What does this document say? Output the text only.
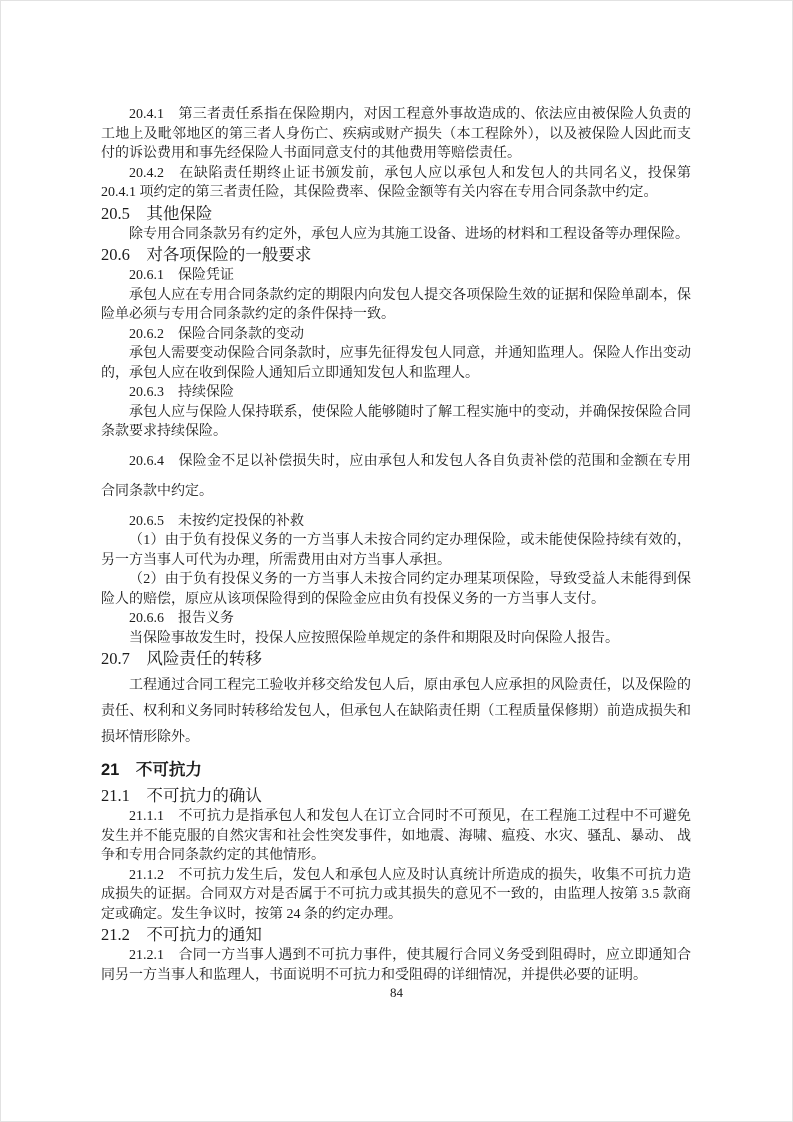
20.4.1　第三者责任系指在保险期内，对因工程意外事故造成的、依法应由被保险人负责的工地上及毗邻地区的第三者人身伤亡、疾病或财产损失（本工程除外），以及被保险人因此而支付的诉讼费用和事先经保险人书面同意支付的其他费用等赔偿责任。

20.4.2　在缺陷责任期终止证书颁发前，承包人应以承包人和发包人的共同名义，投保第 20.4.1 项约定的第三者责任险，其保险费率、保险金额等有关内容在专用合同条款中约定。

20.5　其他保险

除专用合同条款另有约定外，承包人应为其施工设备、进场的材料和工程设备等办理保险。

20.6　对各项保险的一般要求
20.6.1　保险凭证

承包人应在专用合同条款约定的期限内向发包人提交各项保险生效的证据和保险单副本，保险单必须与专用合同条款约定的条件保持一致。

20.6.2　保险合同条款的变动

承包人需要变动保险合同条款时，应事先征得发包人同意，并通知监理人。保险人作出变动的，承包人应在收到保险人通知后立即通知发包人和监理人。

20.6.3　持续保险

承包人应与保险人保持联系，使保险人能够随时了解工程实施中的变动，并确保按保险合同条款要求持续保险。

20.6.4　保险金不足以补偿损失时，应由承包人和发包人各自负责补偿的范围和金额在专用合同条款中约定。

20.6.5　未按约定投保的补救

（1）由于负有投保义务的一方当事人未按合同约定办理保险，或未能使保险持续有效的，另一方当事人可代为办理，所需费用由对方当事人承担。

（2）由于负有投保义务的一方当事人未按合同约定办理某项保险，导致受益人未能得到保险人的赔偿，原应从该项保险得到的保险金应由负有投保义务的一方当事人支付。

20.6.6　报告义务

当保险事故发生时，投保人应按照保险单规定的条件和期限及时向保险人报告。

20.7　风险责任的转移

工程通过合同工程完工验收并移交给发包人后，原由承包人应承担的风险责任，以及保险的责任、权利和义务同时转移给发包人，但承包人在缺陷责任期（工程质量保修期）前造成损失和损坏情形除外。

21　不可抗力
21.1　不可抗力的确认

21.1.1　不可抗力是指承包人和发包人在订立合同时不可预见，在工程施工过程中不可避免发生并不能克服的自然灾害和社会性突发事件，如地震、海啸、瘟疫、水灾、骚乱、暴动、 战争和专用合同条款约定的其他情形。

21.1.2　不可抗力发生后，发包人和承包人应及时认真统计所造成的损失，收集不可抗力造成损失的证据。合同双方对是否属于不可抗力或其损失的意见不一致的，由监理人按第 3.5 款商定或确定。发生争议时，按第 24 条的约定办理。

21.2　不可抗力的通知

21.2.1　合同一方当事人遇到不可抗力事件，使其履行合同义务受到阻碍时，应立即通知合同另一方当事人和监理人，书面说明不可抗力和受阻碍的详细情况，并提供必要的证明。

84
